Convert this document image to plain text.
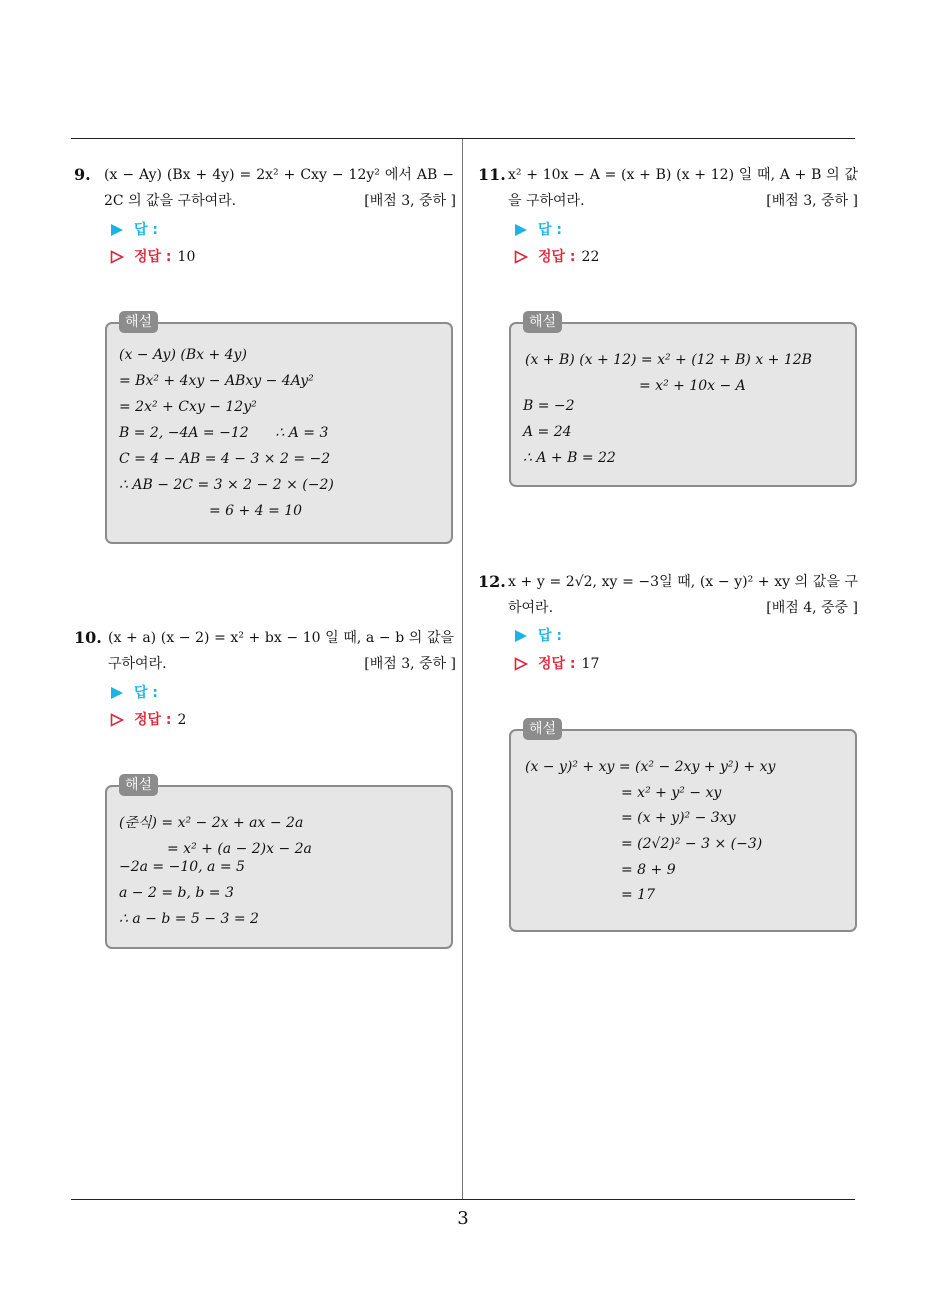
9. (x − Ay) (Bx + 4y) = 2x² + Cxy − 12y² 에서 AB − 2C 의 값을 구하여라.	[배점 3, 중하 ]
답 :
정답 : 10
해설
(x − Ay) (Bx + 4y)
= Bx² + 4xy − ABxy − 4Ay²
= 2x² + Cxy − 12y²
B = 2, −4A = −12      ∴ A = 3
C = 4 − AB = 4 − 3 × 2 = −2
∴ AB − 2C = 3 × 2 − 2 × (−2)
= 6 + 4 = 10
10. (x + a) (x − 2) = x² + bx − 10 일 때, a − b 의 값을 구하여라.	[배점 3, 중하 ]
답 :
정답 : 2
해설
(준식) = x² − 2x + ax − 2a
= x² + (a − 2)x − 2a
−2a = −10, a = 5
a − 2 = b, b = 3
∴ a − b = 5 − 3 = 2
11. x² + 10x − A = (x + B) (x + 12) 일 때, A + B 의 값을 구하여라.	[배점 3, 중하 ]
답 :
정답 : 22
해설
(x + B) (x + 12) = x² + (12 + B) x + 12B
= x² + 10x − A
B = −2
A = 24
∴ A + B = 22
12. x + y = 2√2, xy = −3일 때, (x − y)² + xy 의 값을 구하여라.	[배점 4, 중중 ]
답 :
정답 : 17
해설
(x − y)² + xy = (x² − 2xy + y²) + xy
= x² + y² − xy
= (x + y)² − 3xy
= (2√2)² − 3 × (−3)
= 8 + 9
= 17
3
